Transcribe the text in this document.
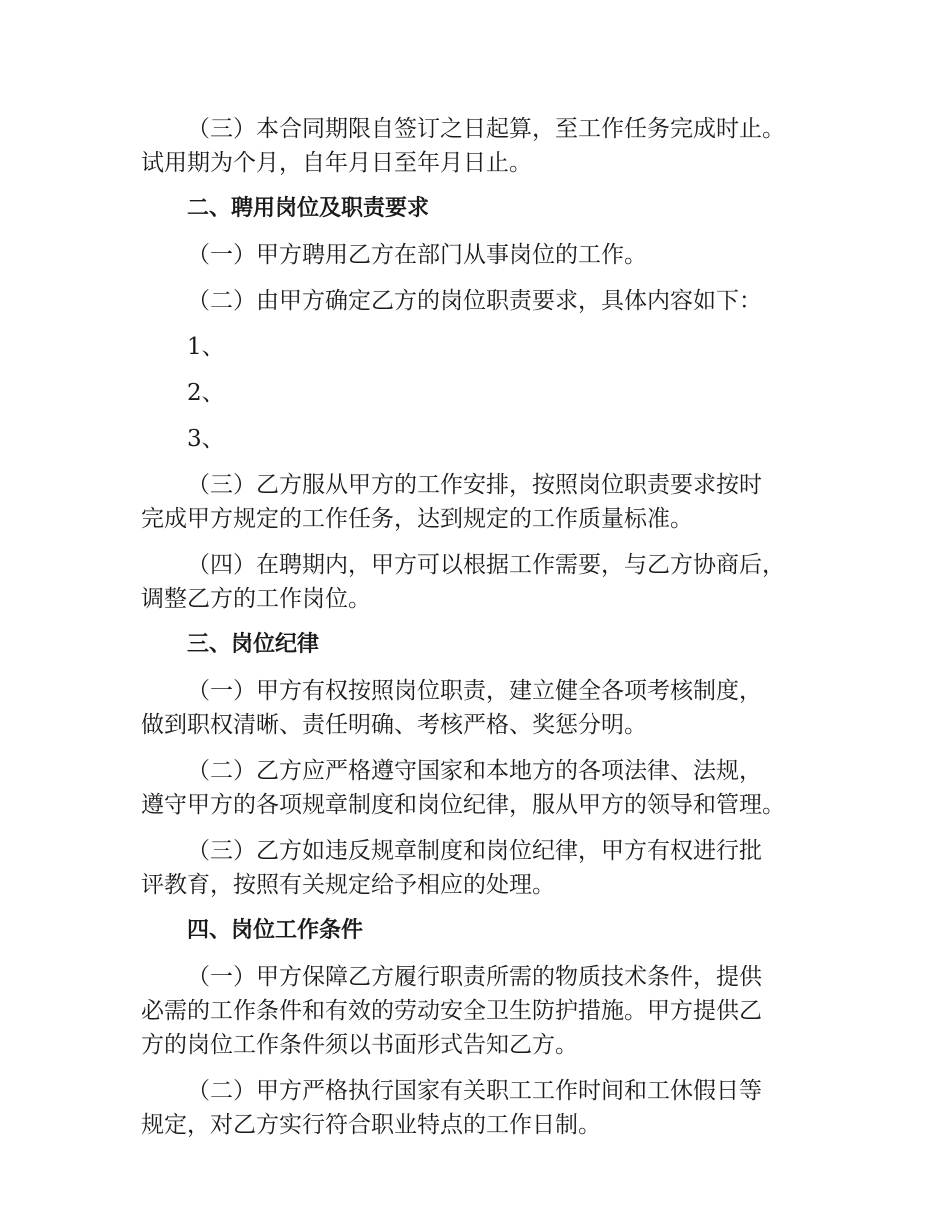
（三）本合同期限自签订之日起算，至工作任务完成时止。
试用期为个月，自年月日至年月日止。
二、聘用岗位及职责要求
（一）甲方聘用乙方在部门从事岗位的工作。
（二）由甲方确定乙方的岗位职责要求，具体内容如下：
1、
2、
3、
（三）乙方服从甲方的工作安排，按照岗位职责要求按时
完成甲方规定的工作任务，达到规定的工作质量标准。
（四）在聘期内，甲方可以根据工作需要，与乙方协商后，
调整乙方的工作岗位。
三、岗位纪律
（一）甲方有权按照岗位职责，建立健全各项考核制度，
做到职权清晰、责任明确、考核严格、奖惩分明。
（二）乙方应严格遵守国家和本地方的各项法律、法规，
遵守甲方的各项规章制度和岗位纪律，服从甲方的领导和管理。
（三）乙方如违反规章制度和岗位纪律，甲方有权进行批
评教育，按照有关规定给予相应的处理。
四、岗位工作条件
（一）甲方保障乙方履行职责所需的物质技术条件，提供
必需的工作条件和有效的劳动安全卫生防护措施。甲方提供乙
方的岗位工作条件须以书面形式告知乙方。
（二）甲方严格执行国家有关职工工作时间和工休假日等
规定，对乙方实行符合职业特点的工作日制。
